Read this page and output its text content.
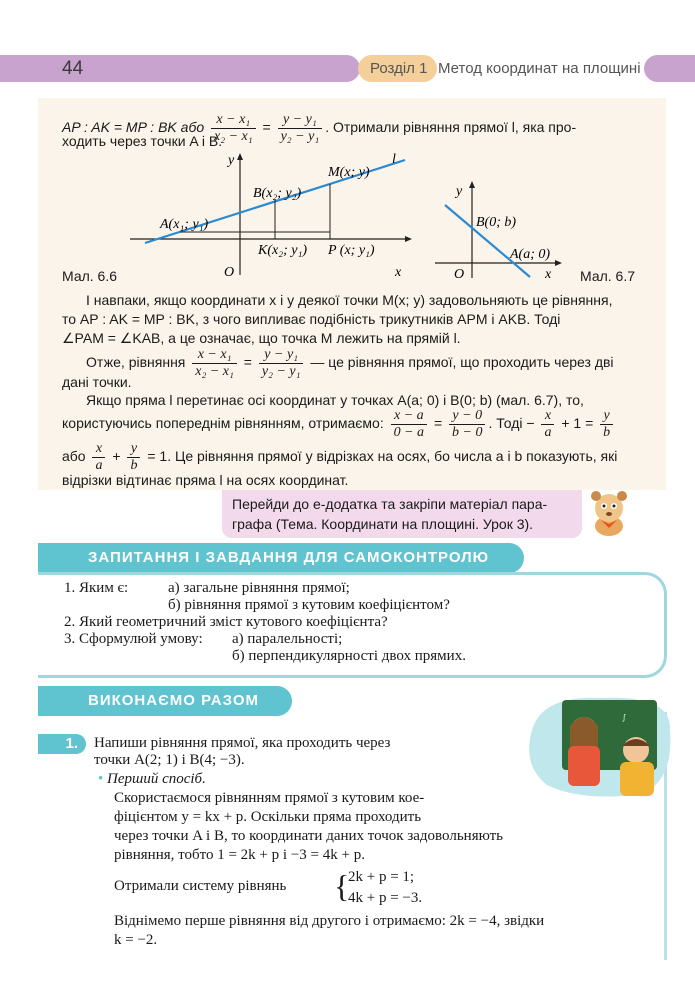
44	Розділ 1 Метод координат на площині
AP : AK = MP : BK або $\frac{\text{x − x₁}}{\text{x₂ − x₁}} = \frac{\text{y − y₁}}{\text{y₂ − y₁}}$ . Отримали рівняння прямої l, яка про-
ходить через точки A і B.
y
x
O
A(x₁; y₁)
B(x₂; y₂)
M(x; y)
l
K(x₂; y₁) P (x; y₁)
Мал. 6.6
y
x
O
B(0; b)
A(a; 0)
Мал. 6.7
І навпаки, якщо координати x і y деякої точки M(x; y) задовольняють це рівняння,
то AP : AK = MP : BK, з чого випливає подібність трикутників APM і AKB. Тоді
∠PAM = ∠KAB, а це означає, що точка M лежить на прямій l.
Отже, рівняння $\frac{\text{x − x₁}}{\text{x₂ − x₁}} = \frac{\text{y − y₁}}{\text{y₂ − y₁}}$ — це рівняння прямої, що проходить через дві
дані точки.
Якщо пряма l перетинає осі координат у точках A(a; 0) і B(0; b) (мал. 6.7), то,
користуючись попереднім рівнянням, отримаємо: $\frac{x - a}{0 - a} = \frac{y - 0}{b - 0}$ . Тоді − $\frac{x}{a} + 1 = \frac{y}{b}$
або $\frac{x}{a} + \frac{y}{b} = 1$. Це рівняння прямої у відрізках на осях, бо числа a і b показують, які
відрізки відтинає пряма l на осях координат.
Перейди до е-додатка та закріпи матеріал пара-графа (Тема. Координати на площині. Урок 3).
ЗАПИТАННЯ І ЗАВДАННЯ ДЛЯ САМОКОНТРОЛЮ
1. Яким є:	а) загальне рівняння прямої;
б) рівняння прямої з кутовим коефіцієнтом?
2. Який геометричний зміст кутового коефіцієнта?
3. Сформулюй умову: а) паралельності;
б) перпендикулярності двох прямих.
ВИКОНАЄМО РАЗОМ
∫
1.	Напиши рівняння прямої, яка проходить через
точки A(2; 1) і B(4; −3).
• Перший спосіб.
Скористаємося рівнянням прямої з кутовим кое-
фіцієнтом y = kx + p. Оскільки пряма проходить
через точки A і B, то координати даних точок задовольняють
рівняння, тобто 1 = 2k + p і −3 = 4k + p.
Отримали систему рівнянь {
2k + p = 1;
4k + p = −3.
Віднімемо перше рівняння від другого і отримаємо: 2k = −4, звідки
k = −2.
